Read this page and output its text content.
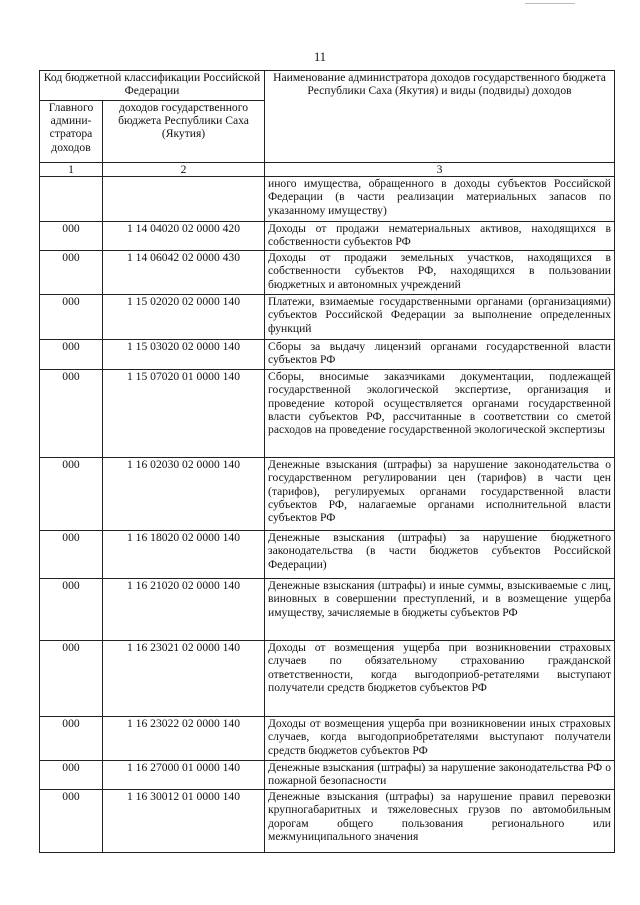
11
Код бюджетной классификации Российской Федерации		Наименование администратора доходов государственного бюджета Республики Саха (Якутия) и виды (подвиды) доходов
Главного админи-стратора доходов	доходов государственного бюджета Республики Саха (Якутия)	
1	2	3
		иного имущества, обращенного в доходы субъектов Российской Федерации (в части реализации материальных запасов по указанному имуществу)
000	1 14 04020 02 0000 420	Доходы от продажи нематериальных активов, находящихся в собственности субъектов РФ
000	1 14 06042 02 0000 430	Доходы от продажи земельных участков, находящихся в собственности субъектов РФ, находящихся в пользовании бюджетных и автономных учреждений
000	1 15 02020 02 0000 140	Платежи, взимаемые государственными органами (организациями) субъектов Российской Федерации за выполнение определенных функций
000	1 15 03020 02 0000 140	Сборы за выдачу лицензий органами государственной власти субъектов РФ
000	1 15 07020 01 0000 140	Сборы, вносимые заказчиками документации, подлежащей государственной экологической экспертизе, организация и проведение которой осуществляется органами государственной власти субъектов РФ, рассчитанные в соответствии со сметой расходов на проведение государственной экологической экспертизы
000	1 16 02030 02 0000 140	Денежные взыскания (штрафы) за нарушение законодательства о государственном регулировании цен (тарифов) в части цен (тарифов), регулируемых органами государственной власти субъектов РФ, налагаемые органами исполнительной власти субъектов РФ
000	1 16 18020 02 0000 140	Денежные взыскания (штрафы) за нарушение бюджетного законодательства (в части бюджетов субъектов Российской Федерации)
000	1 16 21020 02 0000 140	Денежные взыскания (штрафы) и иные суммы, взыскиваемые с лиц, виновных в совершении преступлений, и в возмещение ущерба имуществу, зачисляемые в бюджеты субъектов РФ
000	1 16 23021 02 0000 140	Доходы от возмещения ущерба при возникновении страховых случаев по обязательному страхованию гражданской ответственности, когда выгодоприоб-ретателями выступают получатели средств бюджетов субъектов РФ
000	1 16 23022 02 0000 140	Доходы от возмещения ущерба при возникновении иных страховых случаев, когда выгодоприобретателями выступают получатели средств бюджетов субъектов РФ
000	1 16 27000 01 0000 140	Денежные взыскания (штрафы) за нарушение законодательства РФ о пожарной безопасности
000	1 16 30012 01 0000 140	Денежные взыскания (штрафы) за нарушение правил перевозки крупногабаритных и тяжеловесных грузов по автомобильным дорогам общего пользования регионального или межмуниципального значения
